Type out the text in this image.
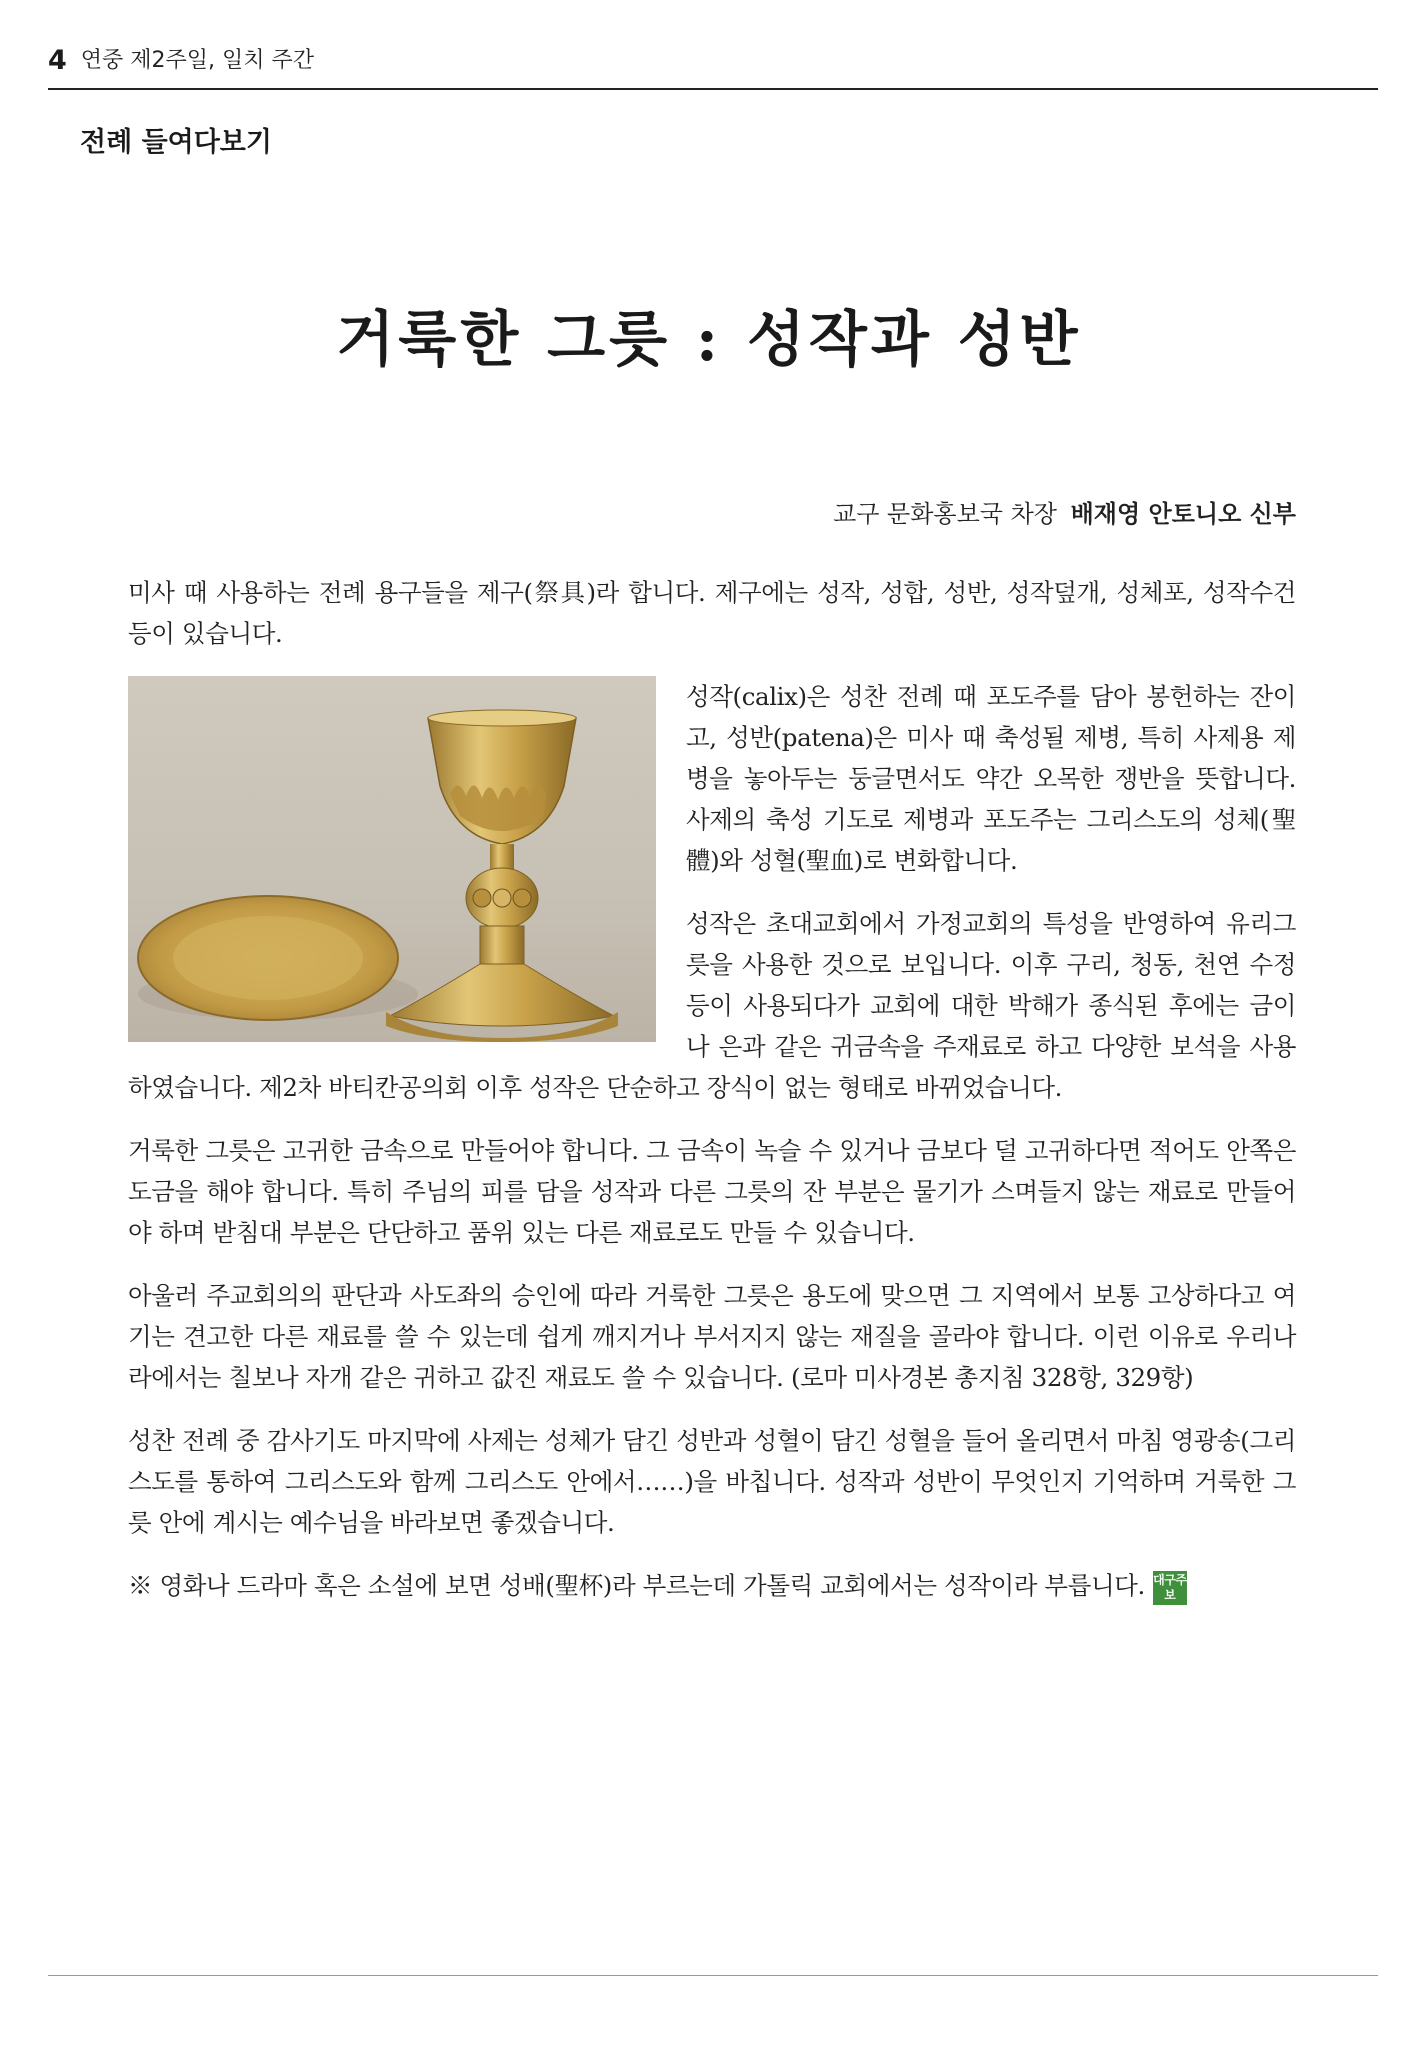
4 연중 제2주일, 일치 주간
전례 들여다보기
거룩한 그릇 : 성작과 성반
교구 문화홍보국 차장 배재영 안토니오 신부

미사 때 사용하는 전례 용구들을 제구(祭具)라 합니다. 제구에는 성작, 성합, 성반, 성작덮개, 성체포, 성작수건 등이 있습니다.

성작(calix)은 성찬 전례 때 포도주를 담아 봉헌하는 잔이고, 성반(patena)은 미사 때 축성될 제병, 특히 사제용 제병을 놓아두는 둥글면서도 약간 오목한 쟁반을 뜻합니다. 사제의 축성 기도로 제병과 포도주는 그리스도의 성체(聖體)와 성혈(聖血)로 변화합니다.

성작은 초대교회에서 가정교회의 특성을 반영하여 유리그릇을 사용한 것으로 보입니다. 이후 구리, 청동, 천연 수정 등이 사용되다가 교회에 대한 박해가 종식된 후에는 금이나 은과 같은 귀금속을 주재료로 하고 다양한 보석을 사용하였습니다. 제2차 바티칸공의회 이후 성작은 단순하고 장식이 없는 형태로 바뀌었습니다.

거룩한 그릇은 고귀한 금속으로 만들어야 합니다. 그 금속이 녹슬 수 있거나 금보다 덜 고귀하다면 적어도 안쪽은 도금을 해야 합니다. 특히 주님의 피를 담을 성작과 다른 그릇의 잔 부분은 물기가 스며들지 않는 재료로 만들어야 하며 받침대 부분은 단단하고 품위 있는 다른 재료로도 만들 수 있습니다.

아울러 주교회의의 판단과 사도좌의 승인에 따라 거룩한 그릇은 용도에 맞으면 그 지역에서 보통 고상하다고 여기는 견고한 다른 재료를 쓸 수 있는데 쉽게 깨지거나 부서지지 않는 재질을 골라야 합니다. 이런 이유로 우리나라에서는 칠보나 자개 같은 귀하고 값진 재료도 쓸 수 있습니다. (로마 미사경본 총지침 328항, 329항)

성찬 전례 중 감사기도 마지막에 사제는 성체가 담긴 성반과 성혈이 담긴 성혈을 들어 올리면서 마침 영광송(그리스도를 통하여 그리스도와 함께 그리스도 안에서……)을 바칩니다. 성작과 성반이 무엇인지 기억하며 거룩한 그릇 안에 계시는 예수님을 바라보면 좋겠습니다.

※ 영화나 드라마 혹은 소설에 보면 성배(聖杯)라 부르는데 가톨릭 교회에서는 성작이라 부릅니다. 대구주보
